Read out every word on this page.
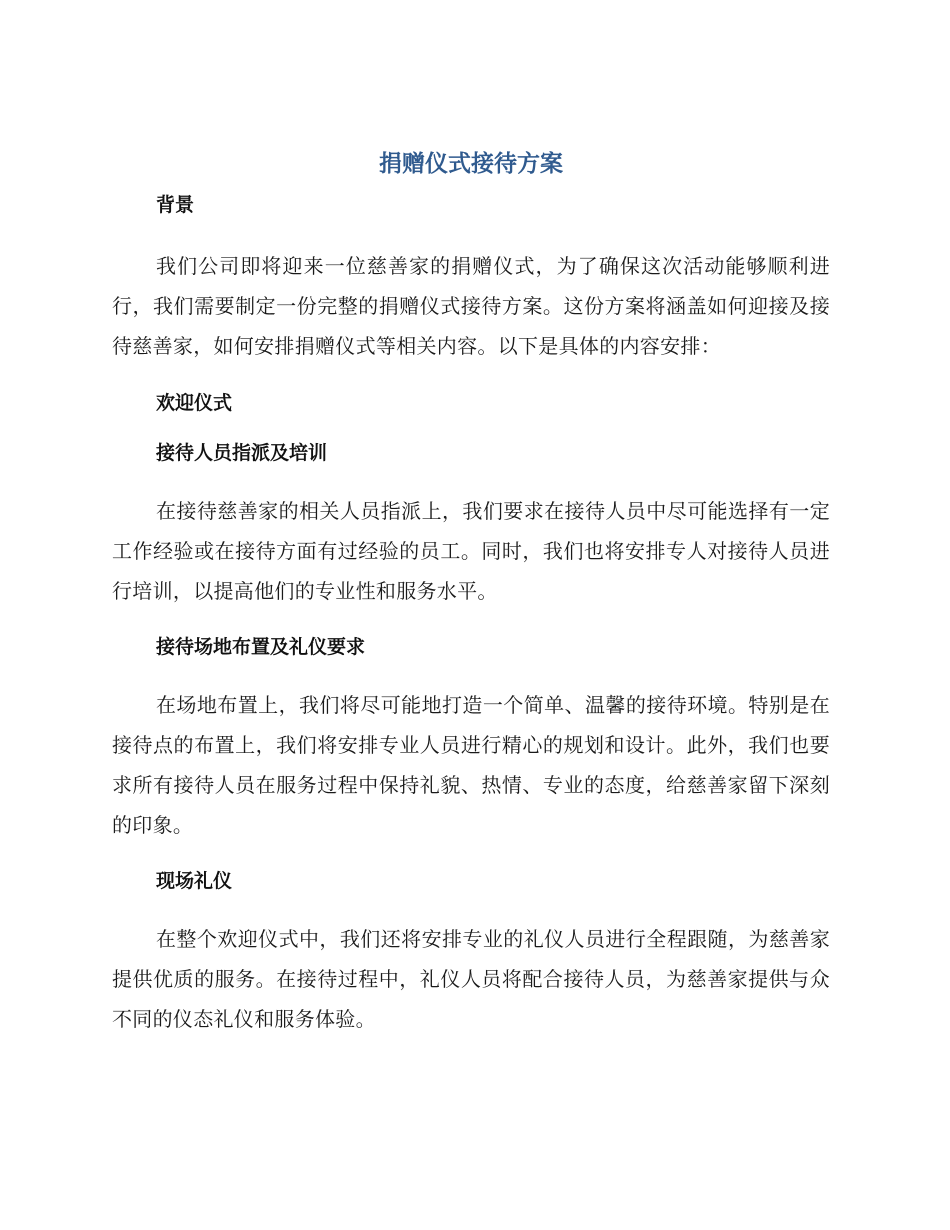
捐赠仪式接待方案
背景

我们公司即将迎来一位慈善家的捐赠仪式，为了确保这次活动能够顺利进行，我们需要制定一份完整的捐赠仪式接待方案。这份方案将涵盖如何迎接及接待慈善家，如何安排捐赠仪式等相关内容。以下是具体的内容安排：

欢迎仪式
接待人员指派及培训

在接待慈善家的相关人员指派上，我们要求在接待人员中尽可能选择有一定工作经验或在接待方面有过经验的员工。同时，我们也将安排专人对接待人员进行培训，以提高他们的专业性和服务水平。

接待场地布置及礼仪要求

在场地布置上，我们将尽可能地打造一个简单、温馨的接待环境。特别是在接待点的布置上，我们将安排专业人员进行精心的规划和设计。此外，我们也要求所有接待人员在服务过程中保持礼貌、热情、专业的态度，给慈善家留下深刻的印象。

现场礼仪

在整个欢迎仪式中，我们还将安排专业的礼仪人员进行全程跟随，为慈善家提供优质的服务。在接待过程中，礼仪人员将配合接待人员，为慈善家提供与众不同的仪态礼仪和服务体验。
